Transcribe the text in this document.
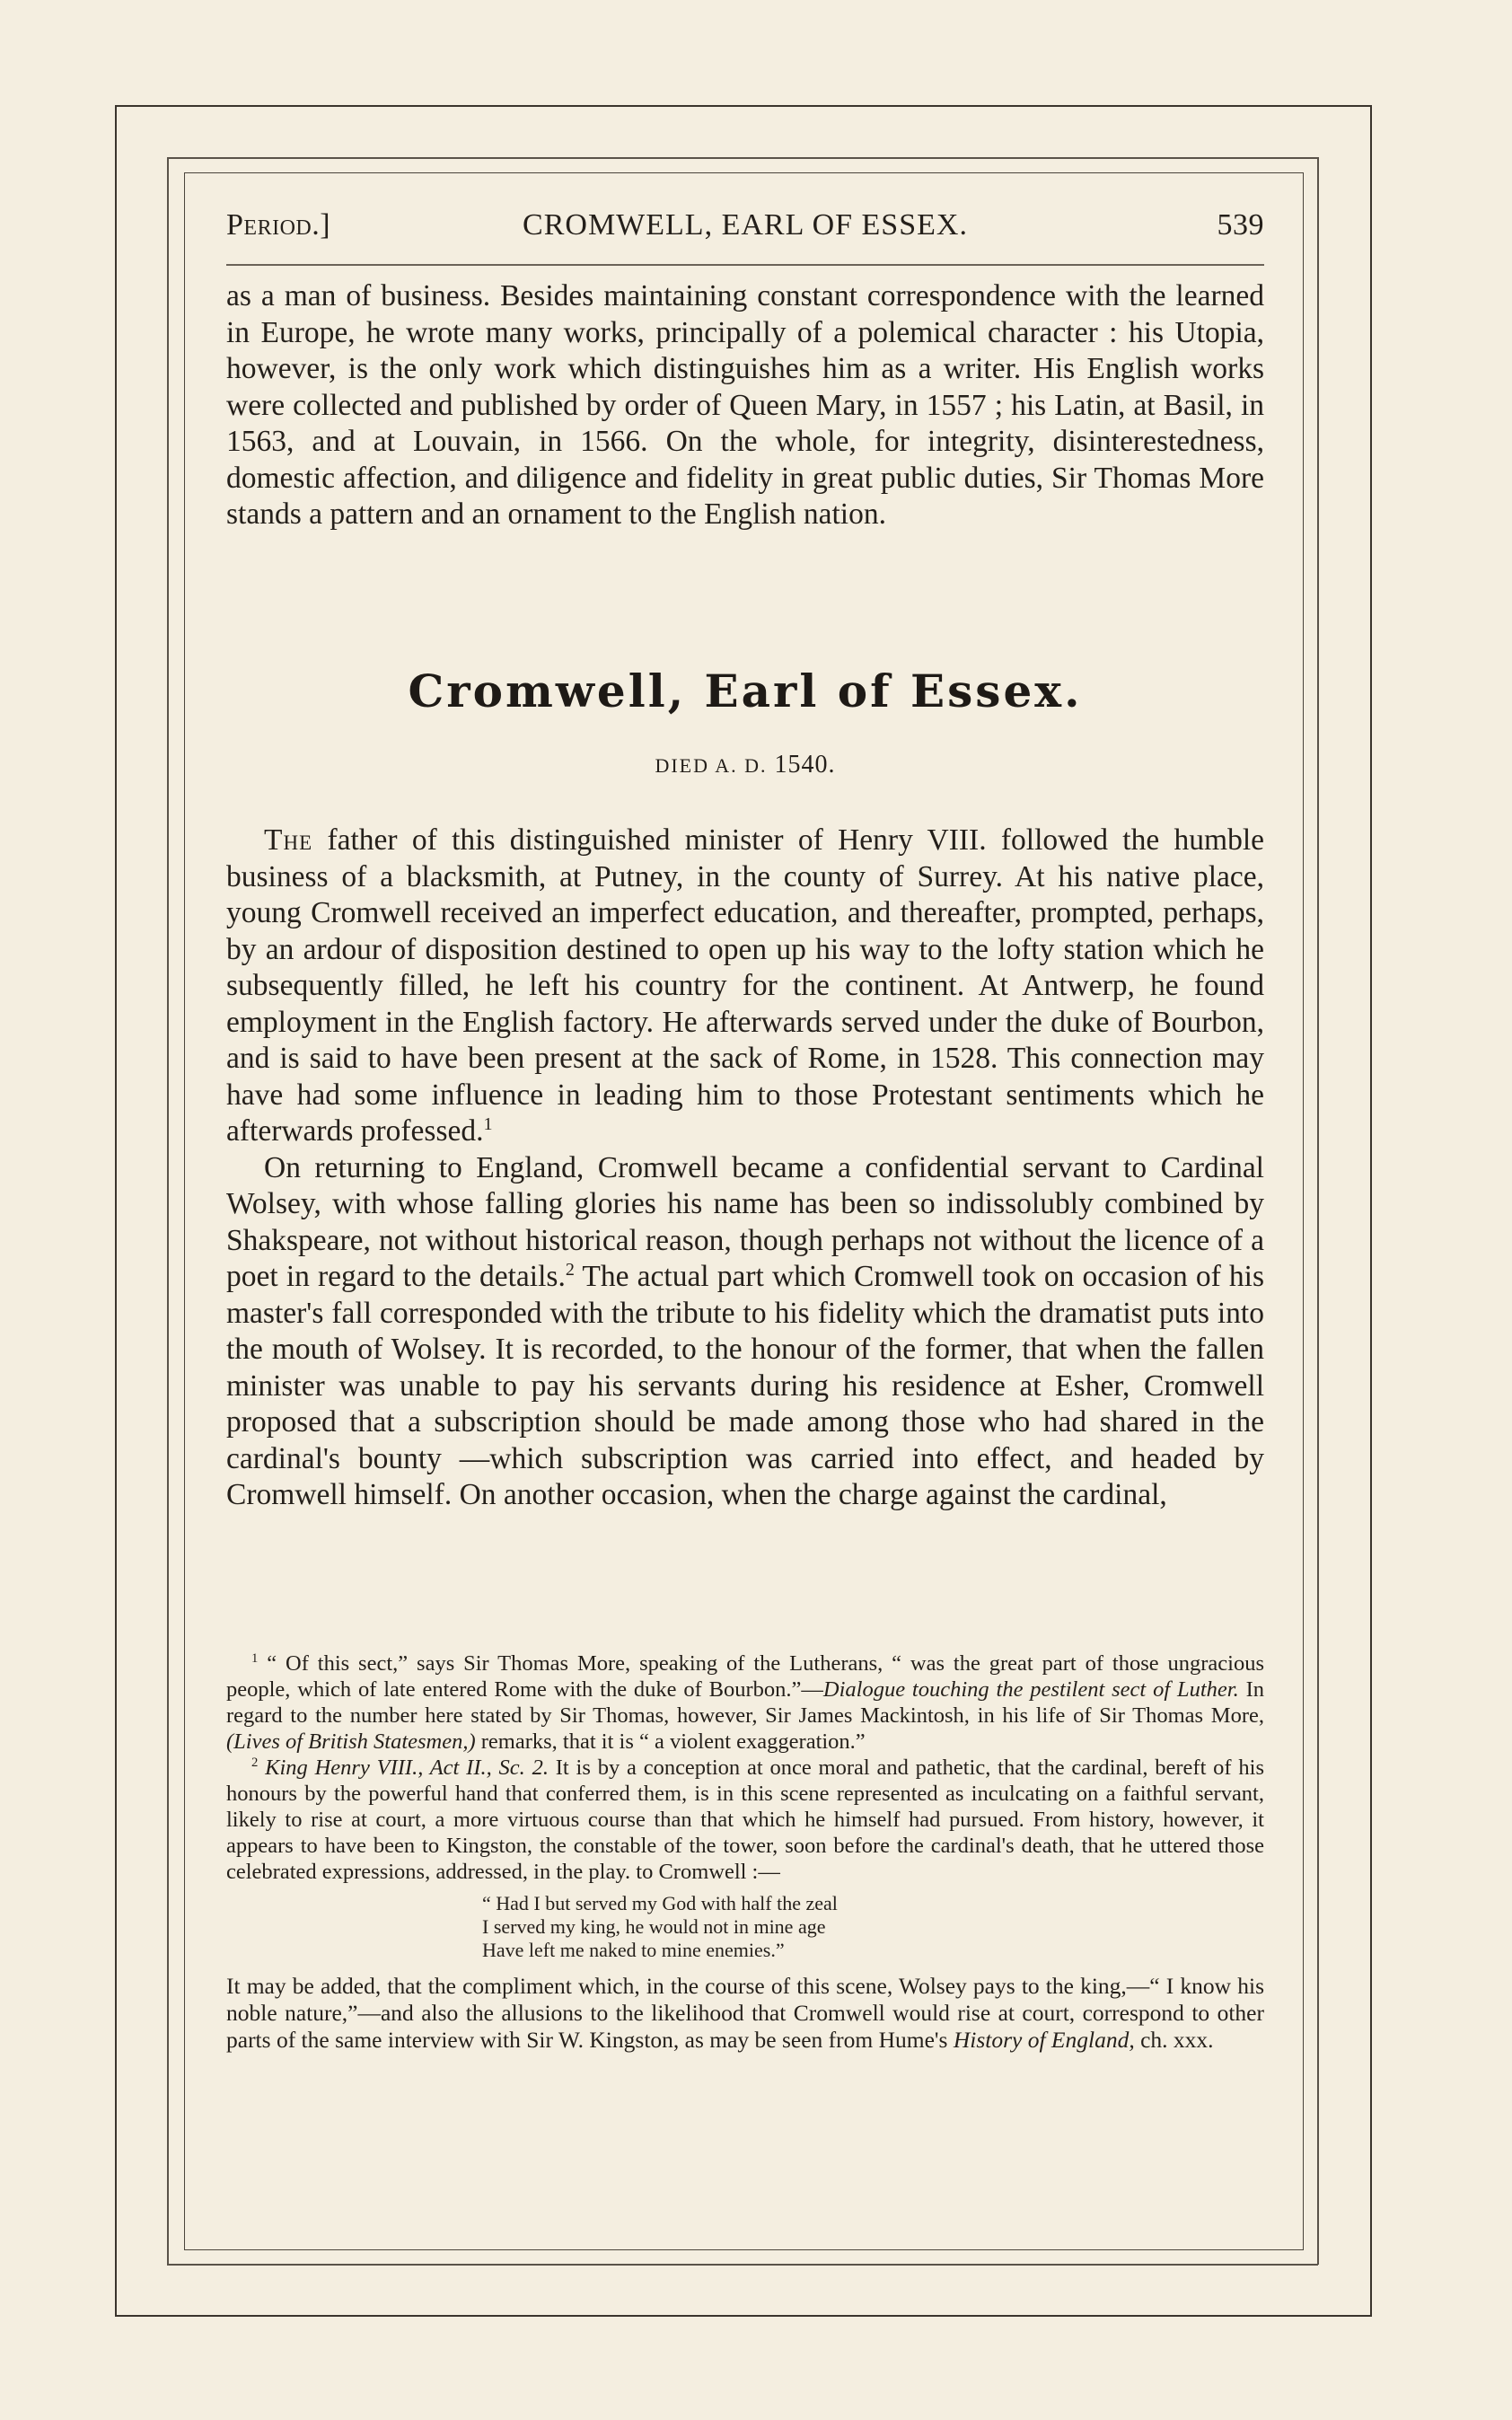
Period.]	CROMWELL, EARL OF ESSEX.	539

as a man of business. Besides maintaining constant correspondence with the learned in Europe, he wrote many works, principally of a polemical character : his Utopia, however, is the only work which distinguishes him as a writer. His English works were collected and published by order of Queen Mary, in 1557 ; his Latin, at Basil, in 1563, and at Louvain, in 1566. On the whole, for integrity, disinterestedness, domestic affection, and diligence and fidelity in great public duties, Sir Thomas More stands a pattern and an ornament to the English nation.

Cromwell, Earl of Essex.
DIED A. D. 1540.

The father of this distinguished minister of Henry VIII. followed the humble business of a blacksmith, at Putney, in the county of Surrey. At his native place, young Cromwell received an imperfect education, and thereafter, prompted, perhaps, by an ardour of disposition destined to open up his way to the lofty station which he subsequently filled, he left his country for the continent. At Antwerp, he found employment in the English factory. He afterwards served under the duke of Bourbon, and is said to have been present at the sack of Rome, in 1528. This connection may have had some influence in leading him to those Protestant sentiments which he afterwards professed.$^1$

On returning to England, Cromwell became a confidential servant to Cardinal Wolsey, with whose falling glories his name has been so indissolubly combined by Shakspeare, not without historical reason, though perhaps not without the licence of a poet in regard to the details.$^2$ The actual part which Cromwell took on occasion of his master's fall corresponded with the tribute to his fidelity which the dramatist puts into the mouth of Wolsey. It is recorded, to the honour of the former, that when the fallen minister was unable to pay his servants during his residence at Esher, Cromwell proposed that a subscription should be made among those who had shared in the cardinal's bounty —which subscription was carried into effect, and headed by Cromwell himself. On another occasion, when the charge against the cardinal,

$^1$ “ Of this sect,” says Sir Thomas More, speaking of the Lutherans, “ was the great part of those ungracious people, which of late entered Rome with the duke of Bourbon.”—Dialogue touching the pestilent sect of Luther. In regard to the number here stated by Sir Thomas, however, Sir James Mackintosh, in his life of Sir Thomas More, (Lives of British Statesmen,) remarks, that it is “ a violent exaggeration.”

$^2$ King Henry VIII., Act II., Sc. 2. It is by a conception at once moral and pathetic, that the cardinal, bereft of his honours by the powerful hand that conferred them, is in this scene represented as inculcating on a faithful servant, likely to rise at court, a more virtuous course than that which he himself had pursued. From history, however, it appears to have been to Kingston, the constable of the tower, soon before the cardinal's death, that he uttered those celebrated expressions, addressed, in the play. to Cromwell :—

“ Had I but served my God with half the zeal
I served my king, he would not in mine age
Have left me naked to mine enemies.”

It may be added, that the compliment which, in the course of this scene, Wolsey pays to the king,—“ I know his noble nature,”—and also the allusions to the likelihood that Cromwell would rise at court, correspond to other parts of the same interview with Sir W. Kingston, as may be seen from Hume's History of England, ch. xxx.
